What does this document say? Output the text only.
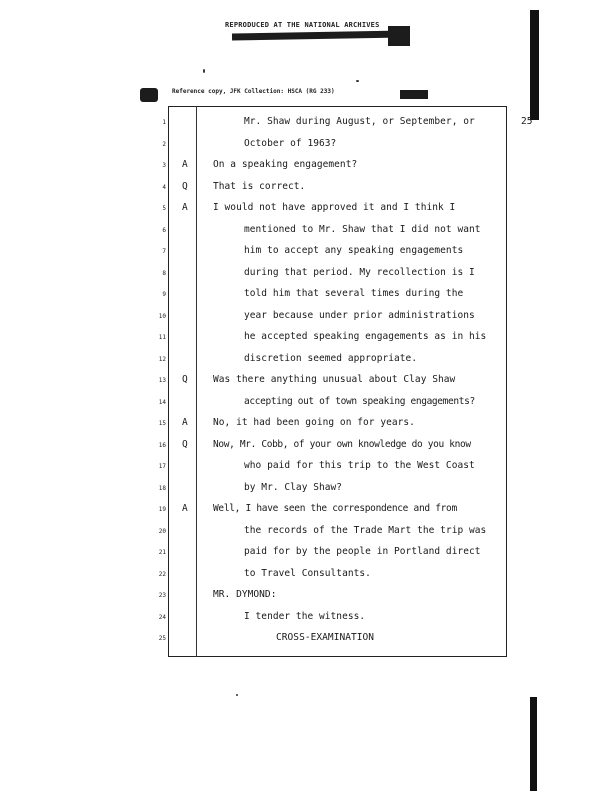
REPRODUCED AT THE NATIONAL ARCHIVES
Reference copy, JFK Collection: HSCA (RG 233)
25
1	Mr. Shaw during August, or September, or
2	October of 1963?
3 A	On a speaking engagement?
4 Q	That is correct.
5 A	I would not have approved it and I think I
6	mentioned to Mr. Shaw that I did not want
7	him to accept any speaking engagements
8	during that period. My recollection is I
9	told him that several times during the
10	year because under prior administrations
11	he accepted speaking engagements as in his
12	discretion seemed appropriate.
13 Q	Was there anything unusual about Clay Shaw
14	accepting out of town speaking engagements?
15 A	No, it had been going on for years.
16 Q	Now, Mr. Cobb, of your own knowledge do you know
17	who paid for this trip to the West Coast
18	by Mr. Clay Shaw?
19 A	Well, I have seen the correspondence and from
20	the records of the Trade Mart the trip was
21	paid for by the people in Portland direct
22	to Travel Consultants.
23	MR. DYMOND:
24	I tender the witness.
25	CROSS-EXAMINATION
